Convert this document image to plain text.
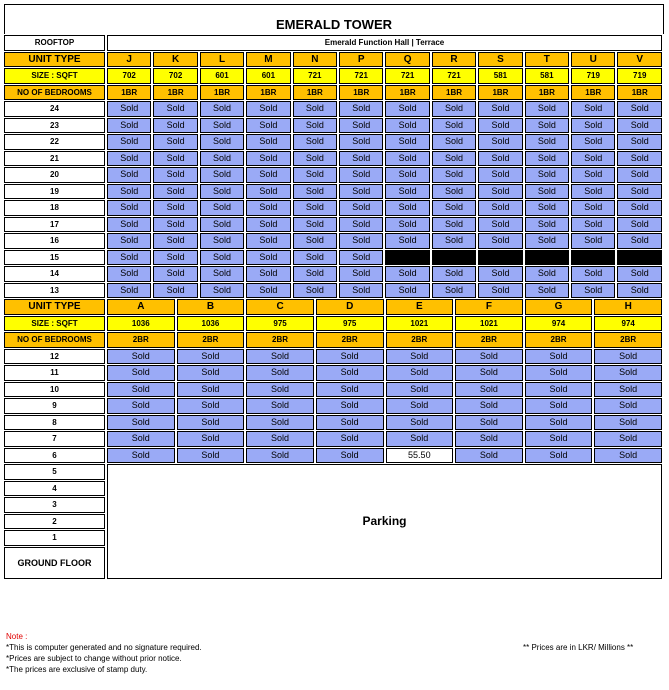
EMERALD TOWER
ROOFTOP	Emerald Function Hall | Terrace											
UNIT TYPE	J	K	L	M	N	P	Q	R	S	T	U	V
SIZE : SQFT	702	702	601	601	721	721	721	721	581	581	719	719
NO OF BEDROOMS	1BR	1BR	1BR	1BR	1BR	1BR	1BR	1BR	1BR	1BR	1BR	1BR
24	Sold	Sold	Sold	Sold	Sold	Sold	Sold	Sold	Sold	Sold	Sold	Sold
23	Sold	Sold	Sold	Sold	Sold	Sold	Sold	Sold	Sold	Sold	Sold	Sold
22	Sold	Sold	Sold	Sold	Sold	Sold	Sold	Sold	Sold	Sold	Sold	Sold
21	Sold	Sold	Sold	Sold	Sold	Sold	Sold	Sold	Sold	Sold	Sold	Sold
20	Sold	Sold	Sold	Sold	Sold	Sold	Sold	Sold	Sold	Sold	Sold	Sold
19	Sold	Sold	Sold	Sold	Sold	Sold	Sold	Sold	Sold	Sold	Sold	Sold
18	Sold	Sold	Sold	Sold	Sold	Sold	Sold	Sold	Sold	Sold	Sold	Sold
17	Sold	Sold	Sold	Sold	Sold	Sold	Sold	Sold	Sold	Sold	Sold	Sold
16	Sold	Sold	Sold	Sold	Sold	Sold	Sold	Sold	Sold	Sold	Sold	Sold
15	Sold	Sold	Sold	Sold	Sold	Sold						
14	Sold	Sold	Sold	Sold	Sold	Sold	Sold	Sold	Sold	Sold	Sold	Sold
13	Sold	Sold	Sold	Sold	Sold	Sold	Sold	Sold	Sold	Sold	Sold	Sold
UNIT TYPE	A	B	C	D	E	F	G	H
SIZE : SQFT	1036	1036	975	975	1021	1021	974	974
NO OF BEDROOMS	2BR	2BR	2BR	2BR	2BR	2BR	2BR	2BR
12	Sold	Sold	Sold	Sold	Sold	Sold	Sold	Sold
11	Sold	Sold	Sold	Sold	Sold	Sold	Sold	Sold
10	Sold	Sold	Sold	Sold	Sold	Sold	Sold	Sold
9	Sold	Sold	Sold	Sold	Sold	Sold	Sold	Sold
8	Sold	Sold	Sold	Sold	Sold	Sold	Sold	Sold
7	Sold	Sold	Sold	Sold	Sold	Sold	Sold	Sold
6	Sold	Sold	Sold	Sold	55.50	Sold	Sold	Sold
5	Parking
4
3
2
1
GROUND FLOOR
Note :
*This is computer generated and no signature required.
*Prices are subject to change without prior notice.
*The prices are exclusive of stamp duty.
** Prices are in LKR/ Millions **
